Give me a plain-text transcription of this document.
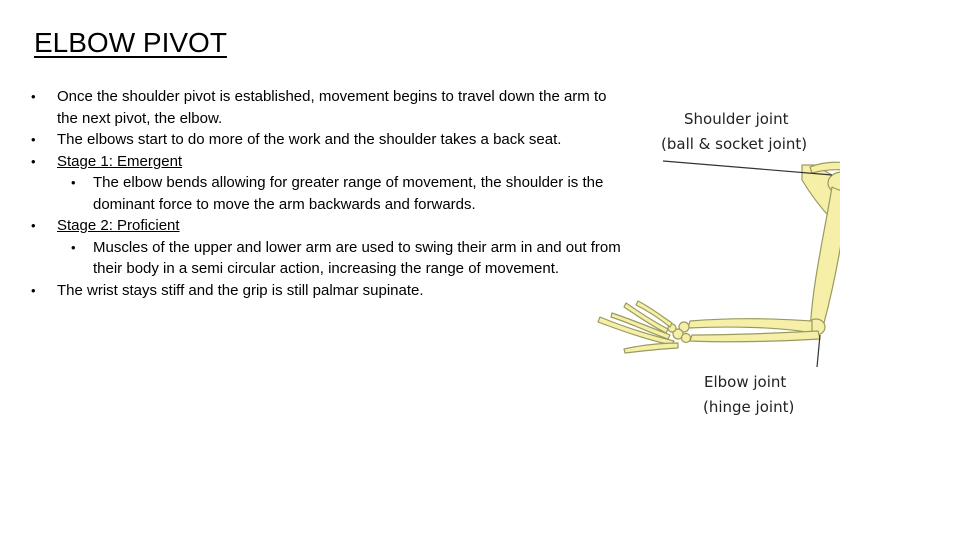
ELBOW PIVOT
• Once the shoulder pivot is established, movement begins to travel down the arm to the next pivot, the elbow.
• The elbows start to do more of the work and the shoulder takes a back seat.
• Stage 1: Emergent
• The elbow bends allowing for greater range of movement, the shoulder is the dominant force to move the arm backwards and forwards.
• Stage 2: Proficient
• Muscles of the upper and lower arm are used to swing their arm in and out from their body in a semi circular action, increasing the range of movement.
• The wrist stays stiff and the grip is still palmar supinate.
Shoulder joint
(ball & socket joint)
Elbow joint
(hinge joint)
